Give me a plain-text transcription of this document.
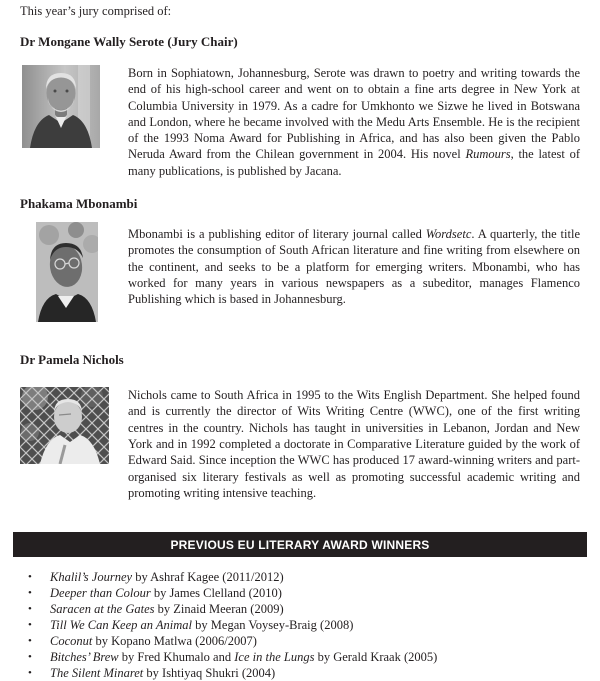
This year’s jury comprised of:

Dr Mongane Wally Serote (Jury Chair)

Born in Sophiatown, Johannesburg, Serote was drawn to poetry and writing towards the end of his high-school career and went on to obtain a fine arts degree in New York at Columbia University in 1979. As a cadre for Umkhonto we Sizwe he lived in Botswana and London, where he became involved with the Medu Arts Ensemble. He is the recipient of the 1993 Noma Award for Publishing in Africa, and has also been given the Pablo Neruda Award from the Chilean government in 2004. His novel Rumours, the latest of many publications, is published by Jacana.

Phakama Mbonambi

Mbonambi is a publishing editor of literary journal called Wordsetc. A quarterly, the title promotes the consumption of South African literature and fine writing from elsewhere on the continent, and seeks to be a platform for emerging writers. Mbonambi, who has worked for many years in various newspapers as a subeditor, manages Flamenco Publishing which is based in Johannesburg.

Dr Pamela Nichols

Nichols came to South Africa in 1995 to the Wits English Department. She helped found and is currently the director of Wits Writing Centre (WWC), one of the first writing centres in the country. Nichols has taught in universities in Lebanon, Jordan and New York and in 1992 completed a doctorate in Comparative Literature guided by the work of Edward Said. Since inception the WWC has produced 17 award-winning writers and part-organised six literary festivals as well as promoting successful academic writing and promoting writing intensive teaching.

PREVIOUS EU LITERARY AWARD WINNERS
•	Khalil’s Journey by Ashraf Kagee (2011/2012)
•	Deeper than Colour by James Clelland (2010)
•	Saracen at the Gates by Zinaid Meeran (2009)
•	Till We Can Keep an Animal by Megan Voysey-Braig (2008)
•	Coconut by Kopano Matlwa (2006/2007)
•	Bitches’ Brew by Fred Khumalo and Ice in the Lungs by Gerald Kraak (2005)
•	The Silent Minaret by Ishtiyaq Shukri (2004)
